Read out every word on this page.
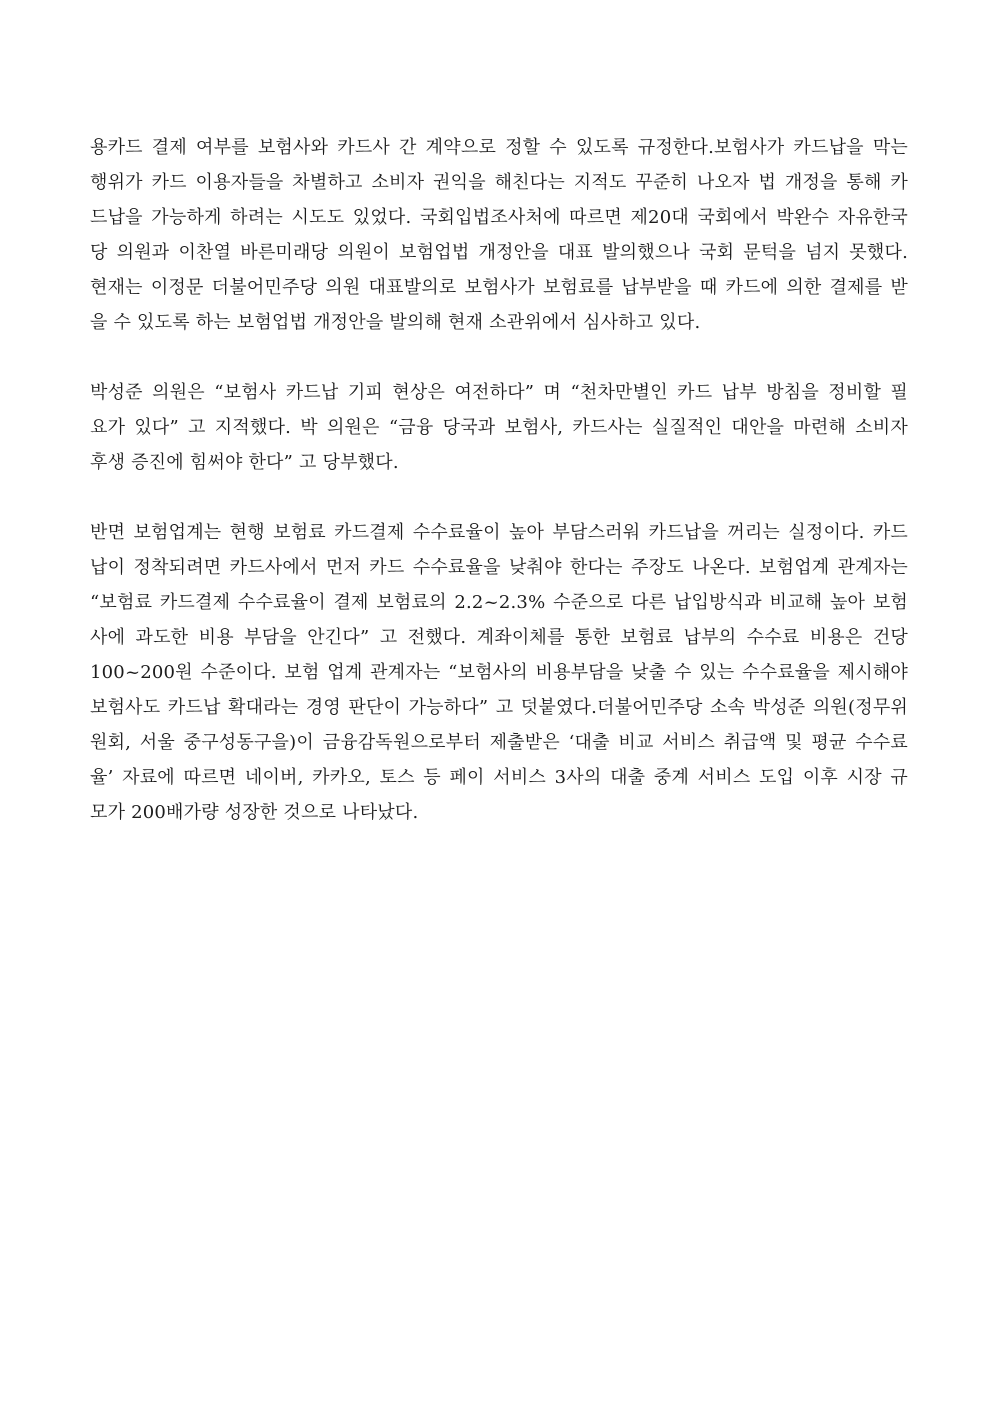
용카드 결제 여부를 보험사와 카드사 간 계약으로 정할 수 있도록 규정한다.보험사가 카드납을 막는
행위가 카드 이용자들을 차별하고 소비자 권익을 해친다는 지적도 꾸준히 나오자 법 개정을 통해 카
드납을 가능하게 하려는 시도도 있었다. 국회입법조사처에 따르면 제20대 국회에서 박완수 자유한국
당 의원과 이찬열 바른미래당 의원이 보험업법 개정안을 대표 발의했으나 국회 문턱을 넘지 못했다.
현재는 이정문 더불어민주당 의원 대표발의로 보험사가 보험료를 납부받을 때 카드에 의한 결제를 받
을 수 있도록 하는 보험업법 개정안을 발의해 현재 소관위에서 심사하고 있다.
박성준 의원은 “보험사 카드납 기피 현상은 여전하다” 며 “천차만별인 카드 납부 방침을 정비할 필
요가 있다” 고 지적했다. 박 의원은 “금융 당국과 보험사, 카드사는 실질적인 대안을 마련해 소비자
후생 증진에 힘써야 한다” 고 당부했다.
반면 보험업계는 현행 보험료 카드결제 수수료율이 높아 부담스러워 카드납을 꺼리는 실정이다. 카드
납이 정착되려면 카드사에서 먼저 카드 수수료율을 낮춰야 한다는 주장도 나온다. 보험업계 관계자는
“보험료 카드결제 수수료율이 결제 보험료의 2.2~2.3% 수준으로 다른 납입방식과 비교해 높아 보험
사에 과도한 비용 부담을 안긴다” 고 전했다. 계좌이체를 통한 보험료 납부의 수수료 비용은 건당
100~200원 수준이다. 보험 업계 관계자는 “보험사의 비용부담을 낮출 수 있는 수수료율을 제시해야
보험사도 카드납 확대라는 경영 판단이 가능하다” 고 덧붙였다.더불어민주당 소속 박성준 의원(정무위
원회, 서울 중구성동구을)이 금융감독원으로부터 제출받은 ‘대출 비교 서비스 취급액 및 평균 수수료
율’ 자료에 따르면 네이버, 카카오, 토스 등 페이 서비스 3사의 대출 중계 서비스 도입 이후 시장 규
모가 200배가량 성장한 것으로 나타났다.
